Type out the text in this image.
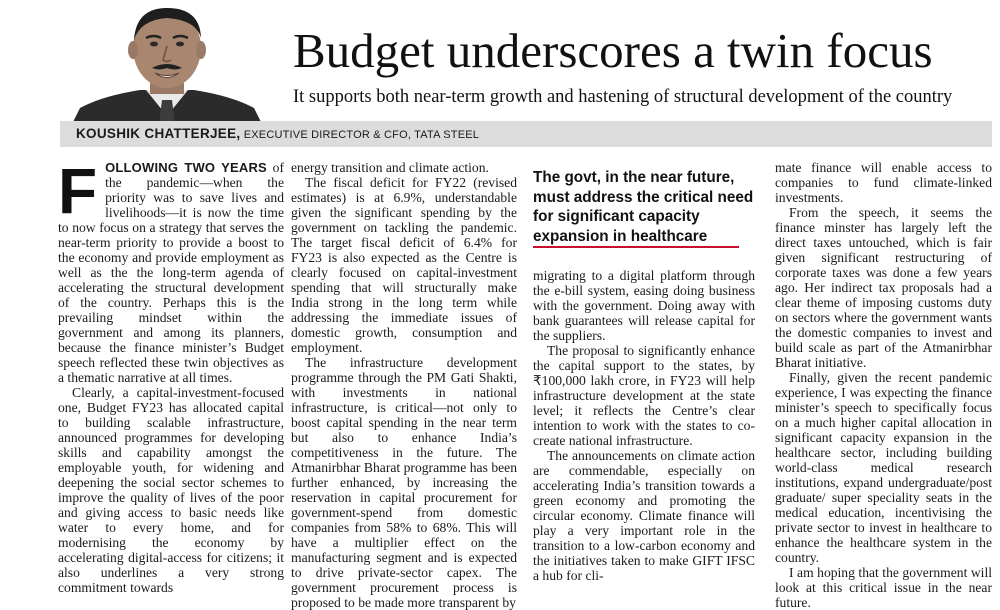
Budget underscores a twin focus

It supports both near-term growth and hastening of structural development of the country

KOUSHIK CHATTERJEE, EXECUTIVE DIRECTOR & CFO, TATA STEEL

FOLLOWING TWO YEARS of the pandemic—when the priority was to save lives and livelihoods—it is now the time to now focus on a strategy that serves the near-term priority to provide a boost to the economy and provide employment as well as the the long-term agenda of accelerating the structural development of the country. Perhaps this is the prevailing mindset within the government and among its planners, because the finance minister’s Budget speech reflected these twin objectives as a thematic narrative at all times.

Clearly, a capital-investment-focused one, Budget FY23 has allocated capital to building scalable infrastructure, announced programmes for developing skills and capability amongst the employable youth, for widening and deepening the social sector schemes to improve the quality of lives of the poor and giving access to basic needs like water to every home, and for modernising the economy by accelerating digital-access for citizens; it also underlines a very strong commitment towards

energy transition and climate action.

The fiscal deficit for FY22 (revised estimates) is at 6.9%, understandable given the significant spending by the government on tackling the pandemic. The target fiscal deficit of 6.4% for FY23 is also expected as the Centre is clearly focused on capital-investment spending that will structurally make India strong in the long term while addressing the immediate issues of domestic growth, consumption and employment.

The infrastructure development programme through the PM Gati Shakti, with investments in national infrastructure, is critical—not only to boost capital spending in the near term but also to enhance India’s competitiveness in the future. The Atmanirbhar Bharat programme has been further enhanced, by increasing the reservation in capital procurement for government-spend from domestic companies from 58% to 68%. This will have a multiplier effect on the manufacturing segment and is expected to drive private-sector capex. The government procurement process is proposed to be made more transparent by

The govt, in the near future, must address the critical need for significant capacity expansion in healthcare

migrating to a digital platform through the e-bill system, easing doing business with the government. Doing away with bank guarantees will release capital for the suppliers.

The proposal to significantly enhance the capital support to the states, by ₹100,000 lakh crore, in FY23 will help infrastructure development at the state level; it reflects the Centre’s clear intention to work with the states to co-create national infrastructure.

The announcements on climate action are commendable, especially on accelerating India’s transition towards a green economy and promoting the circular economy. Climate finance will play a very important role in the transition to a low-carbon economy and the initiatives taken to make GIFT IFSC a hub for cli-

mate finance will enable access to companies to fund climate-linked investments.

From the speech, it seems the finance minster has largely left the direct taxes untouched, which is fair given significant restructuring of corporate taxes was done a few years ago. Her indirect tax proposals had a clear theme of imposing customs duty on sectors where the government wants the domestic companies to invest and build scale as part of the Atmanirbhar Bharat initiative.

Finally, given the recent pandemic experience, I was expecting the finance minister’s speech to specifically focus on a much higher capital allocation in significant capacity expansion in the healthcare sector, including building world-class medical research institutions, expand undergraduate/post graduate/ super speciality seats in the medical education, incentivising the private sector to invest in healthcare to enhance the healthcare system in the country.

I am hoping that the government will look at this critical issue in the near future.
